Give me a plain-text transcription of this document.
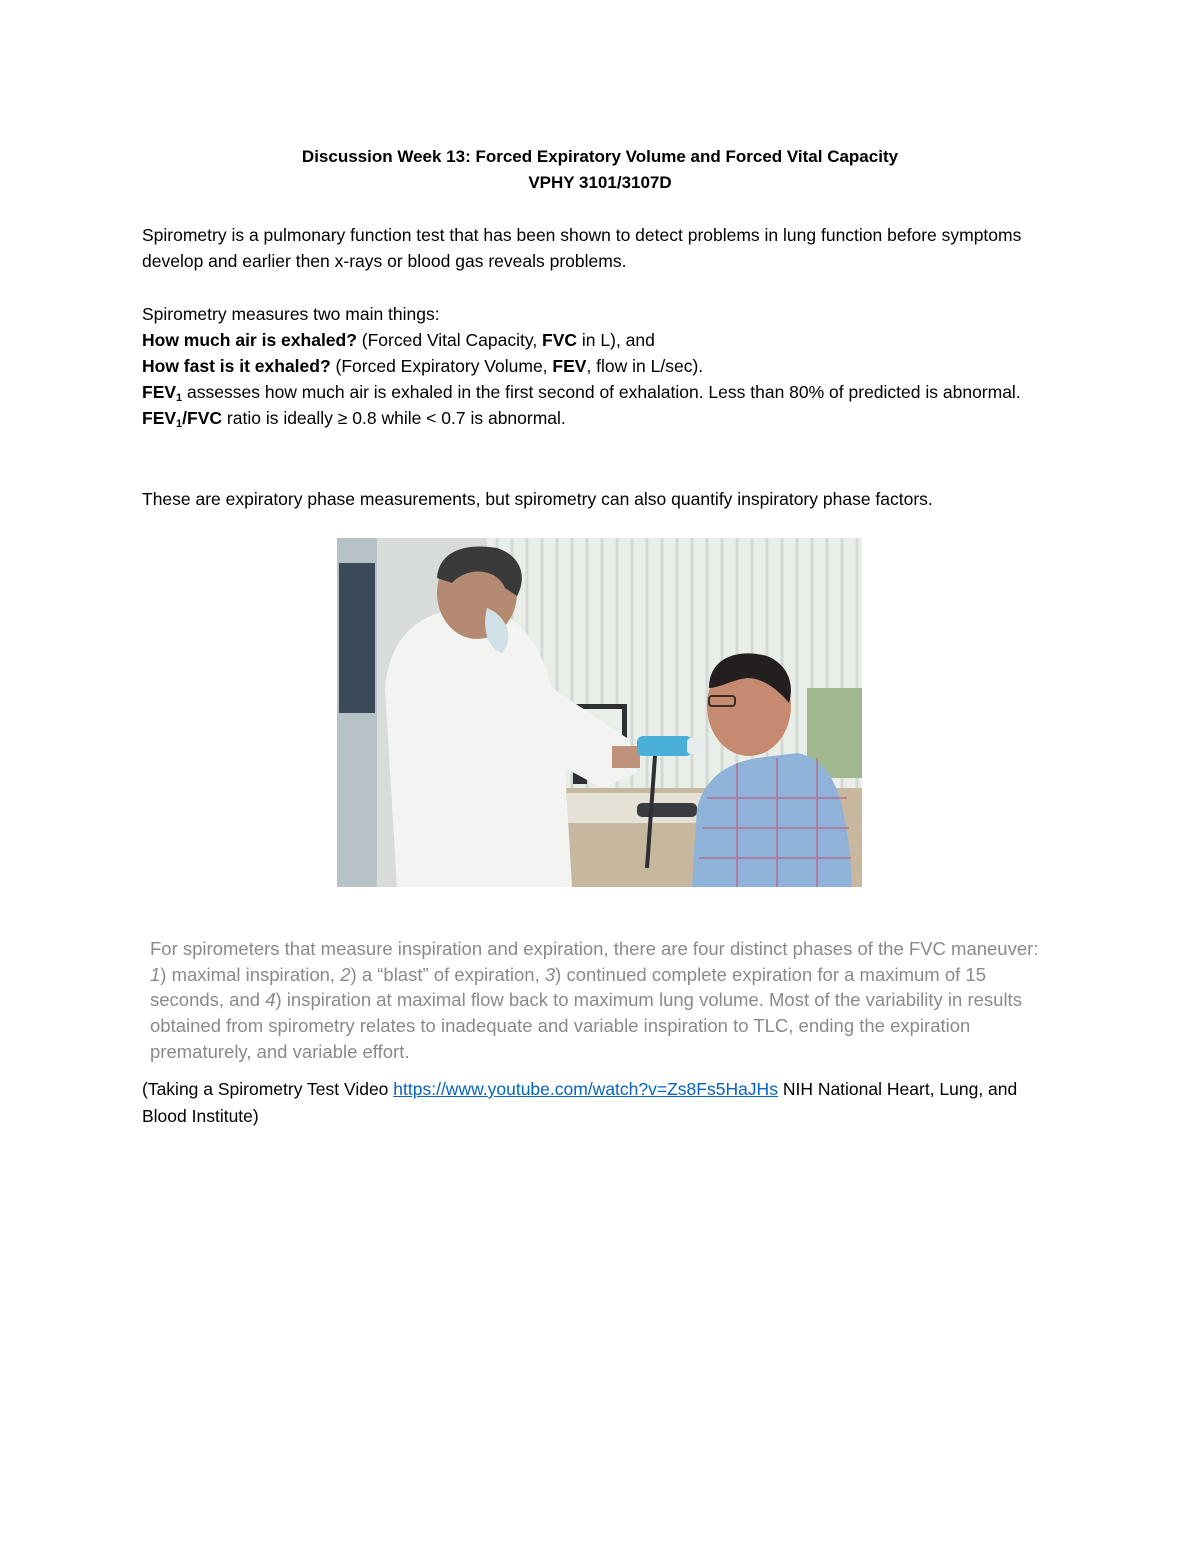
Discussion Week 13: Forced Expiratory Volume and Forced Vital Capacity
VPHY 3101/3107D
Spirometry is a pulmonary function test that has been shown to detect problems in lung function before symptoms develop and earlier then x-rays or blood gas reveals problems.
Spirometry measures two main things:
How much air is exhaled? (Forced Vital Capacity, FVC in L), and
How fast is it exhaled? (Forced Expiratory Volume, FEV, flow in L/sec).
$FEV_1$ assesses how much air is exhaled in the first second of exhalation. Less than 80% of predicted is abnormal.
$FEV_1$/FVC ratio is ideally ≥ 0.8 while < 0.7 is abnormal.
These are expiratory phase measurements, but spirometry can also quantify inspiratory phase factors.
For spirometers that measure inspiration and expiration, there are four distinct phases of the FVC maneuver: 1) maximal inspiration, 2) a “blast” of expiration, 3) continued complete expiration for a maximum of 15 seconds, and 4) inspiration at maximal flow back to maximum lung volume. Most of the variability in results obtained from spirometry relates to inadequate and variable inspiration to TLC, ending the expiration prematurely, and variable effort.
(Taking a Spirometry Test Video https://www.youtube.com/watch?v=Zs8Fs5HaJHs NIH National Heart, Lung, and Blood Institute)
